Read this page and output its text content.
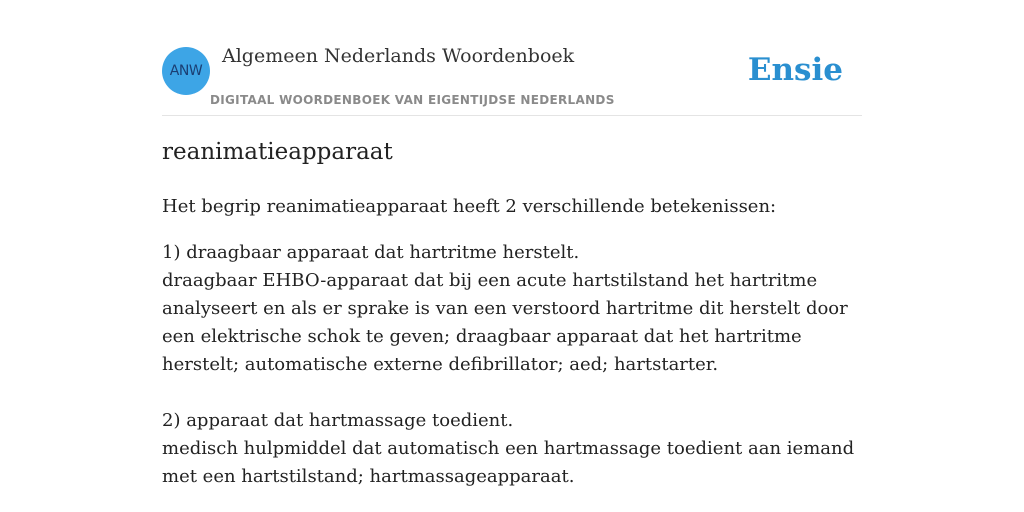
ANW
Algemeen Nederlands Woordenboek
DIGITAAL WOORDENBOEK VAN EIGENTIJDSE NEDERLANDS
Ensie
reanimatieapparaat
Het begrip reanimatieapparaat heeft 2 verschillende betekenissen:

1) draagbaar apparaat dat hartritme herstelt.

draagbaar EHBO-apparaat dat bij een acute hartstilstand het hartritme analyseert en als er sprake is van een verstoord hartritme dit herstelt door een elektrische schok te geven; draagbaar apparaat dat het hartritme herstelt; automatische externe defibrillator; aed; hartstarter.

2) apparaat dat hartmassage toedient.

medisch hulpmiddel dat automatisch een hartmassage toedient aan iemand met een hartstilstand; hartmassageapparaat.
